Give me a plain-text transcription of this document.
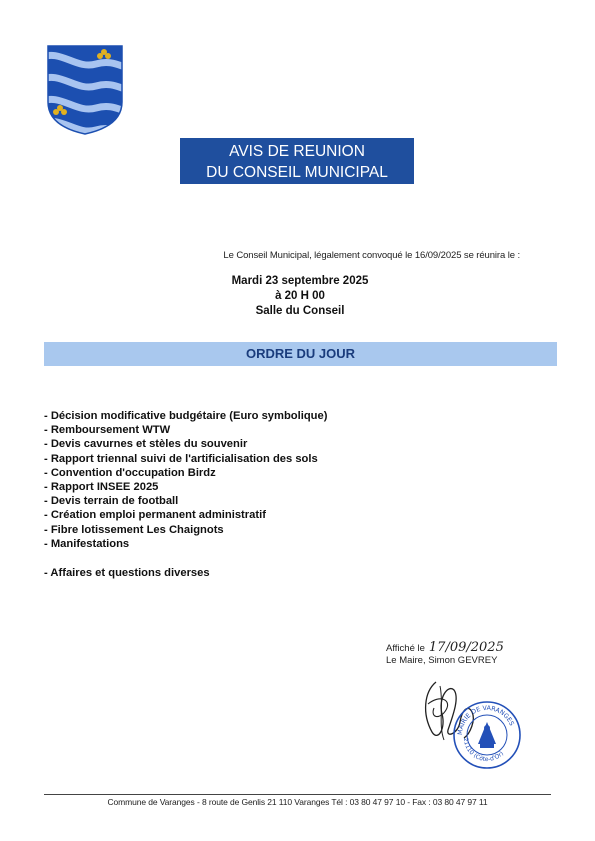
AVIS DE REUNION
DU CONSEIL MUNICIPAL
Le Conseil Municipal, légalement convoqué le 16/09/2025 se réunira le :
Mardi 23 septembre 2025
à 20 H 00
Salle du Conseil
ORDRE DU JOUR
- Décision modificative budgétaire (Euro symbolique)
- Remboursement WTW
- Devis cavurnes et stèles du souvenir
- Rapport triennal suivi de l'artificialisation des sols
- Convention d'occupation Birdz
- Rapport INSEE 2025
- Devis terrain de football
- Création emploi permanent administratif
- Fibre lotissement Les Chaignots
- Manifestations
- Affaires et questions diverses
Affiché le 17/09/2025
Le Maire, Simon GEVREY
MAIRIE DE VARANGES
21110 (Côte-d'Or)
Commune de Varanges - 8 route de Genlis 21 110 Varanges Tél : 03 80 47 97 10 - Fax : 03 80 47 97 11
